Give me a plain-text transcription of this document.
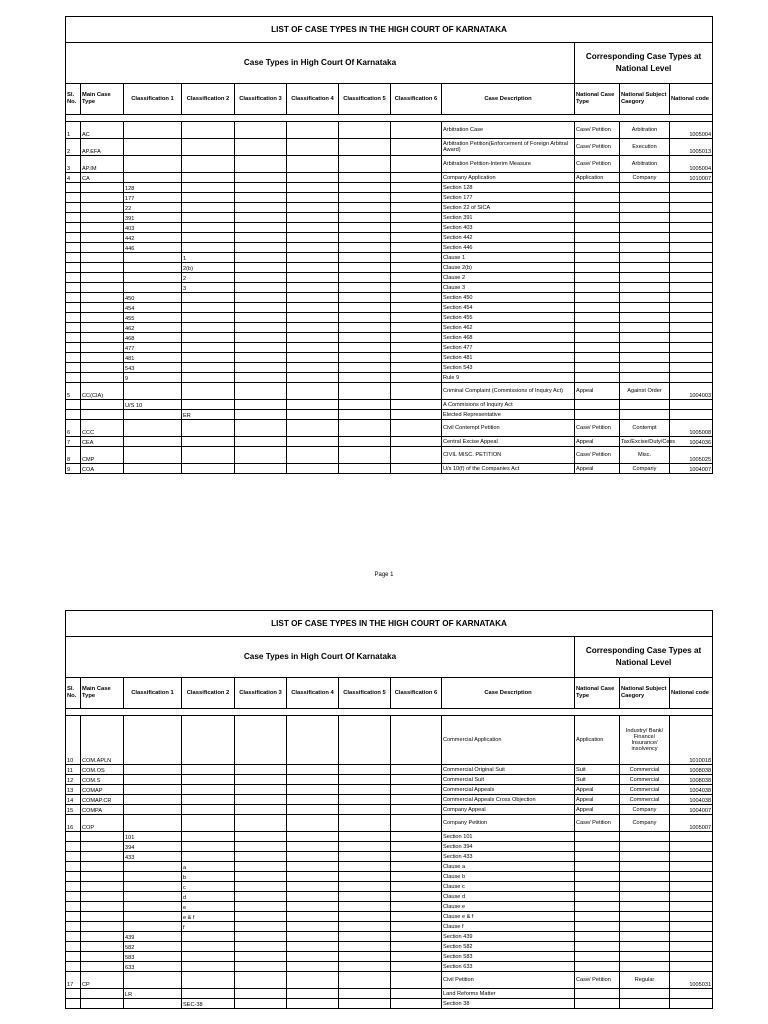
LIST OF CASE TYPES IN THE HIGH COURT OF KARNATAKA											
Case Types in High Court Of Karnataka									Corresponding Case Types at National Level		
Sl. No.	Main Case Type	Classification 1	Classification 2	Classification 3	Classification 4	Classification 5	Classification 6	Case Description	National Case Type	National Subject Caegory	National code

1	AC							Arbitration Case	Case/ Petition	Arbitration	1005004
2	AP.EFA							Arbitration Petition(Enforcement of Foreign Arbitral Award)	Case/ Petition	Execution	1005013
3	AP.IM							Arbitration Petition-Interim Measure	Case/ Petition	Arbitration	1005004
4	CA							Company Application	Application	Company	1010007
		128						Section 128			
		177						Section 177			
		22						Section 22 of SICA			
		391						Section 391			
		403						Section 403			
		442						Section 442			
		446						Section 446			
			1					Clause 1			
			2(b)					Clause 2(b)			
			2					Clause 2			
			3					Clause 3			
		450						Section 450			
		454						Section 454			
		455						Section 455			
		462						Section 462			
		468						Section 468			
		477						Section 477			
		481						Section 481			
		543						Section 543			
		9						Rule 9			
5	CC(CIA)							Criminal Complaint (Commissions of Inquiry Act)	Appeal	Against Order	1004003
		U/S 10						A Commisions of Inquiry Act			
			ER					Elected Representative			
6	CCC							Civil Contempt Petition	Case/ Petition	Contempt	1005008
7	CEA							Central Excise Appeal	Appeal	Tax/Excise/Duty/Cess	1004036
8	CMP							CIVIL MISC. PETITION	Case/ Petition	Misc.	1005025
9	COA							U/s 10(f) of the Companies Act	Appeal	Company	1004007
Page 1
LIST OF CASE TYPES IN THE HIGH COURT OF KARNATAKA											
Case Types in High Court Of Karnataka									Corresponding Case Types at National Level		
Sl. No.	Main Case Type	Classification 1	Classification 2	Classification 3	Classification 4	Classification 5	Classification 6	Case Description	National Case Type	National Subject Caegory	National code

10	COM.APLN							Commercial Application	Application	Industry/ Bank/ Finance/ Insurance/ insolvency	1010018
11	COM.OS							Commercial Original Suit	Suit	Commercial	1008038
12	COM.S							Commercial Suit	Suit	Commercial	1008038
13	COMAP							Commercial Appeals	Appeal	Commercial	1004038
14	COMAP.CR							Commercial Appeals Cross Objection	Appeal	Commercial	1004038
15	COMPA							Company Appeal	Appeal	Company	1004007
16	COP							Company Petition	Case/ Petition	Company	1005007
		101						Section 101			
		394						Section 394			
		433						Section 433			
			a					Clause a			
			b					Clause b			
			c					Clause c			
			d					Clause d			
			e					Clause e			
			e & f					Clause e & f			
			f					Clause f			
		439						Section 439			
		582						Section 582			
		583						Section 583			
		633						Section 633			
17	CP							Civil Petition	Case/ Petition	Regular	1005031
		LR						Land Reforms Matter			
			SEC-38					Section 38			
